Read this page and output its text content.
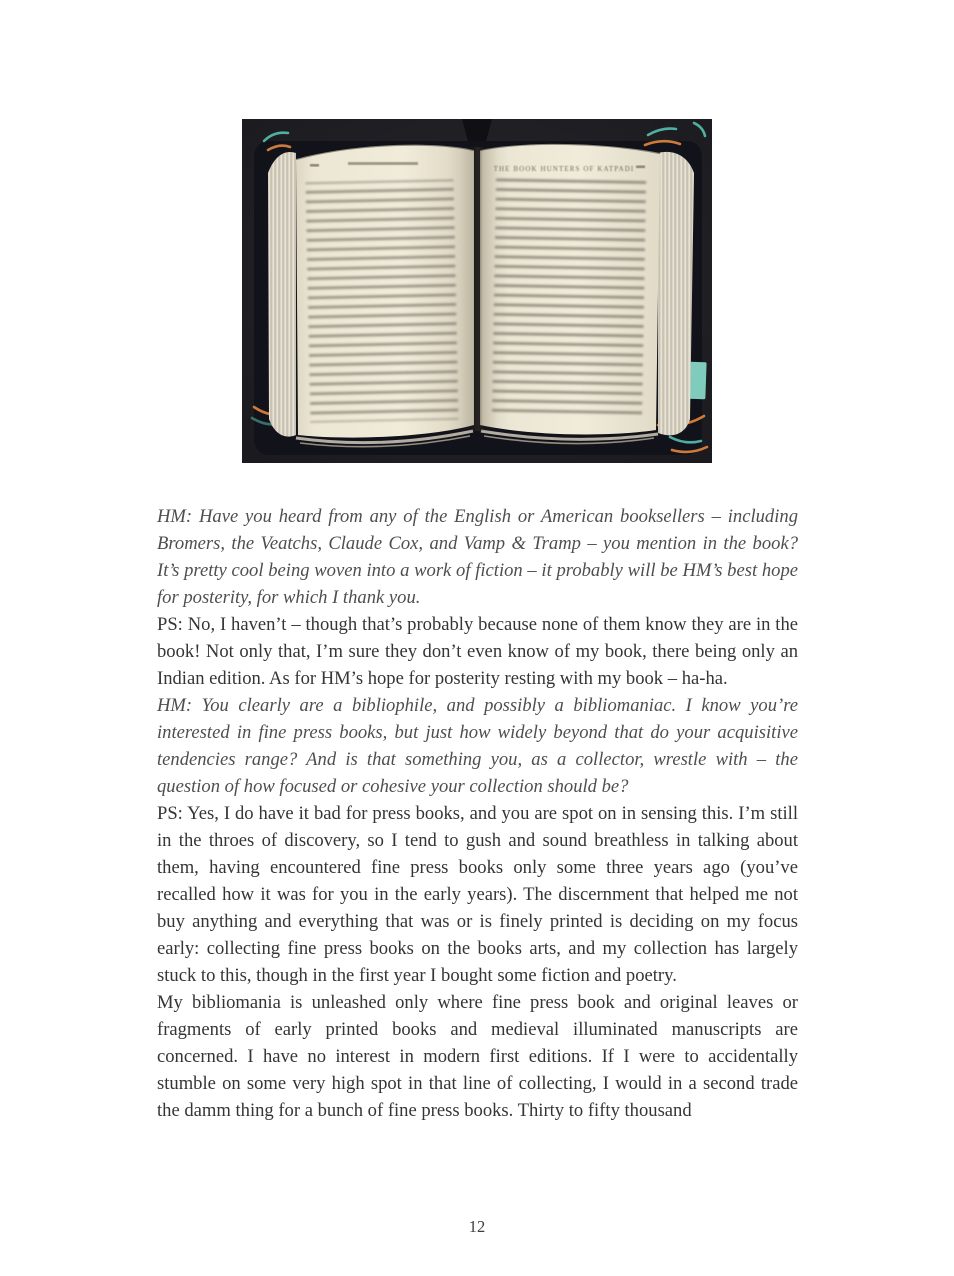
THE BOOK HUNTERS OF KATPADI

HM: Have you heard from any of the English or American booksellers – including Bromers, the Veatchs, Claude Cox, and Vamp & Tramp – you mention in the book? It’s pretty cool being woven into a work of fiction – it probably will be HM’s best hope for posterity, for which I thank you.

PS: No, I haven’t – though that’s probably because none of them know they are in the book! Not only that, I’m sure they don’t even know of my book, there being only an Indian edition. As for HM’s hope for posterity resting with my book – ha-ha.

HM: You clearly are a bibliophile, and possibly a bibliomaniac. I know you’re interested in fine press books, but just how widely beyond that do your acquisitive tendencies range? And is that something you, as a collector, wrestle with – the question of how focused or cohesive your collection should be?

PS: Yes, I do have it bad for press books, and you are spot on in sensing this. I’m still in the throes of discovery, so I tend to gush and sound breathless in talking about them, having encountered fine press books only some three years ago (you’ve recalled how it was for you in the early years). The discernment that helped me not buy anything and everything that was or is finely printed is deciding on my focus early: collecting fine press books on the books arts, and my collection has largely stuck to this, though in the first year I bought some fiction and poetry.

My bibliomania is unleashed only where fine press book and original leaves or fragments of early printed books and medieval illuminated manuscripts are concerned. I have no interest in modern first editions. If I were to accidentally stumble on some very high spot in that line of collecting, I would in a second trade the damm thing for a bunch of fine press books. Thirty to fifty thousand

12
